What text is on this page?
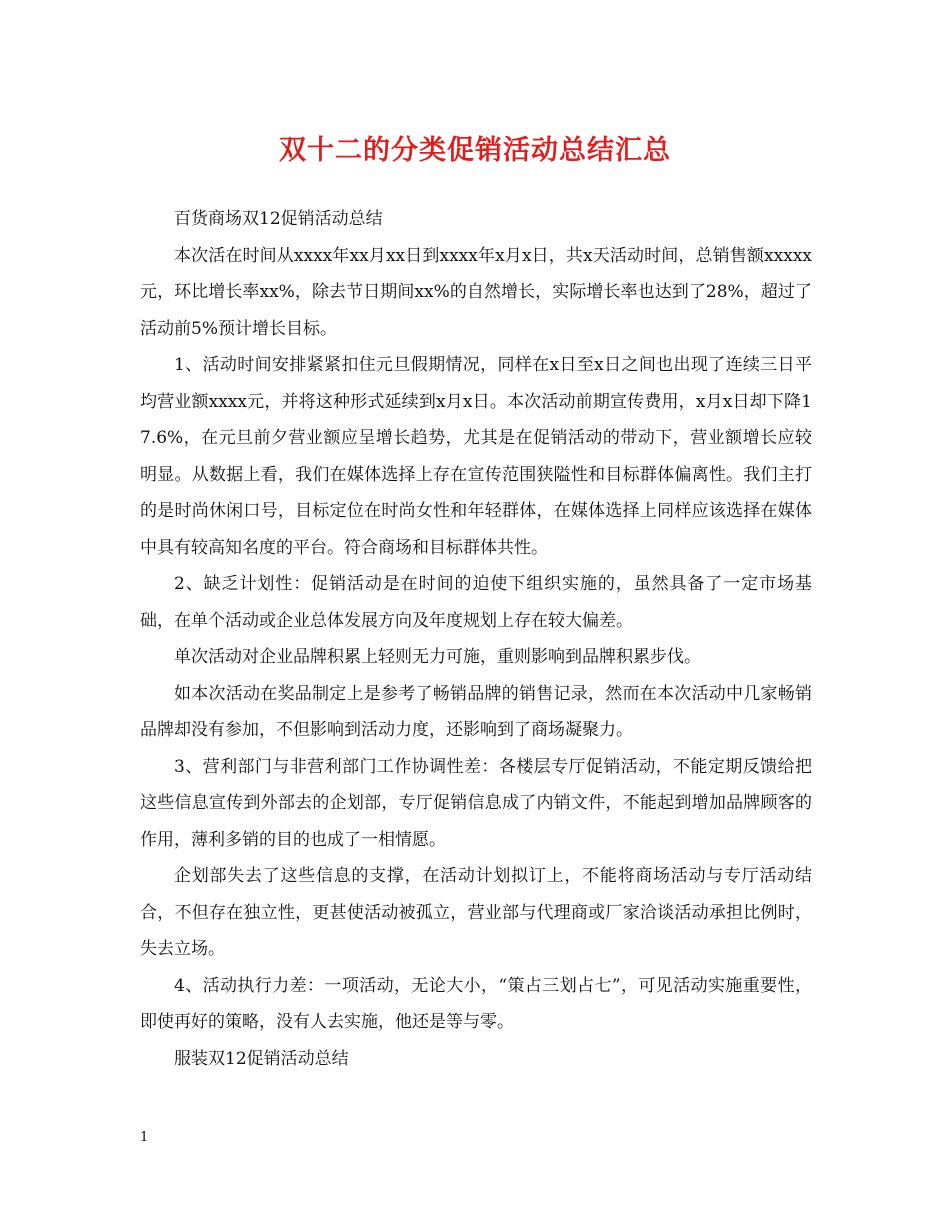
双十二的分类促销活动总结汇总

百货商场双12促销活动总结

本次活在时间从xxxx年xx月xx日到xxxx年x月x日，共x天活动时间，总销售额xxxxx元，环比增长率xx%，除去节日期间xx%的自然增长，实际增长率也达到了28%，超过了活动前5%预计增长目标。

1、活动时间安排紧紧扣住元旦假期情况，同样在x日至x日之间也出现了连续三日平均营业额xxxx元，并将这种形式延续到x月x日。本次活动前期宣传费用，x月x日却下降17.6%，在元旦前夕营业额应呈增长趋势，尤其是在促销活动的带动下，营业额增长应较明显。从数据上看，我们在媒体选择上存在宣传范围狭隘性和目标群体偏离性。我们主打的是时尚休闲口号，目标定位在时尚女性和年轻群体，在媒体选择上同样应该选择在媒体中具有较高知名度的平台。符合商场和目标群体共性。

2、缺乏计划性：促销活动是在时间的迫使下组织实施的，虽然具备了一定市场基础，在单个活动或企业总体发展方向及年度规划上存在较大偏差。

单次活动对企业品牌积累上轻则无力可施，重则影响到品牌积累步伐。

如本次活动在奖品制定上是参考了畅销品牌的销售记录，然而在本次活动中几家畅销品牌却没有参加，不但影响到活动力度，还影响到了商场凝聚力。

3、营利部门与非营利部门工作协调性差：各楼层专厅促销活动，不能定期反馈给把这些信息宣传到外部去的企划部，专厅促销信息成了内销文件，不能起到增加品牌顾客的作用，薄利多销的目的也成了一相情愿。

企划部失去了这些信息的支撑，在活动计划拟订上，不能将商场活动与专厅活动结合，不但存在独立性，更甚使活动被孤立，营业部与代理商或厂家洽谈活动承担比例时，失去立场。

4、活动执行力差：一项活动，无论大小，“策占三划占七”，可见活动实施重要性，即使再好的策略，没有人去实施，他还是等与零。

服装双12促销活动总结

1
